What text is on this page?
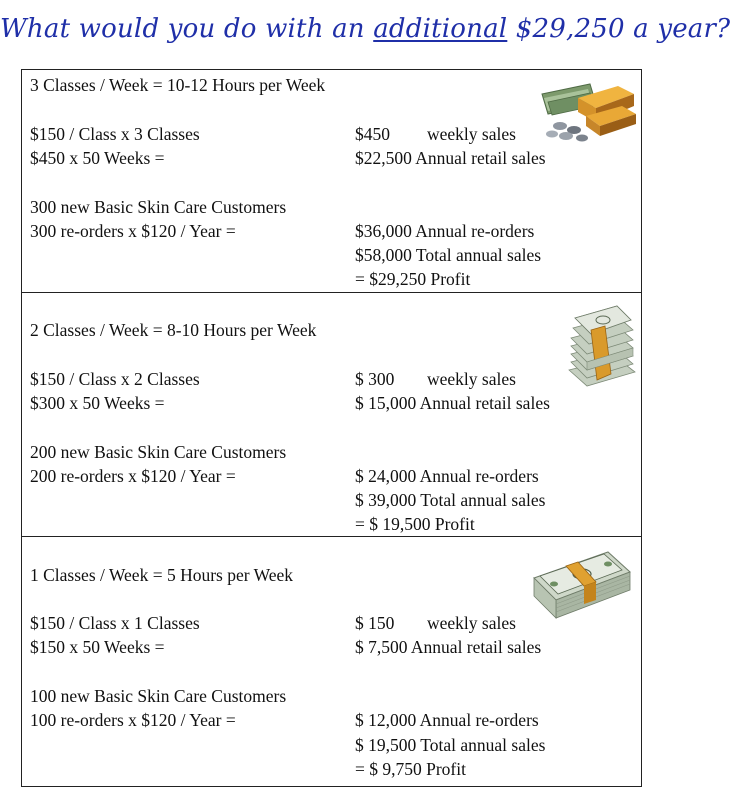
What would you do with an additional $29,250 a year?
3 Classes / Week = 10-12 Hours per Week
$150 / Class x 3 Classes	$450 weekly sales
$450 x 50 Weeks =	$22,500 Annual retail sales
300 new Basic Skin Care Customers
300 re-orders x $120 / Year =	$36,000 Annual re-orders
$58,000 Total annual sales
= $29,250 Profit
2 Classes / Week = 8-10 Hours per Week
$150 / Class x 2 Classes	$ 300 weekly sales
$300 x 50 Weeks =	$ 15,000 Annual retail sales
200 new Basic Skin Care Customers
200 re-orders x $120 / Year =	$ 24,000 Annual re-orders
$ 39,000 Total annual sales
= $ 19,500 Profit
1 Classes / Week = 5 Hours per Week
$150 / Class x 1 Classes	$ 150 weekly sales
$150 x 50 Weeks =	$ 7,500 Annual retail sales
100 new Basic Skin Care Customers
100 re-orders x $120 / Year =	$ 12,000 Annual re-orders
$ 19,500 Total annual sales
= $ 9,750 Profit
